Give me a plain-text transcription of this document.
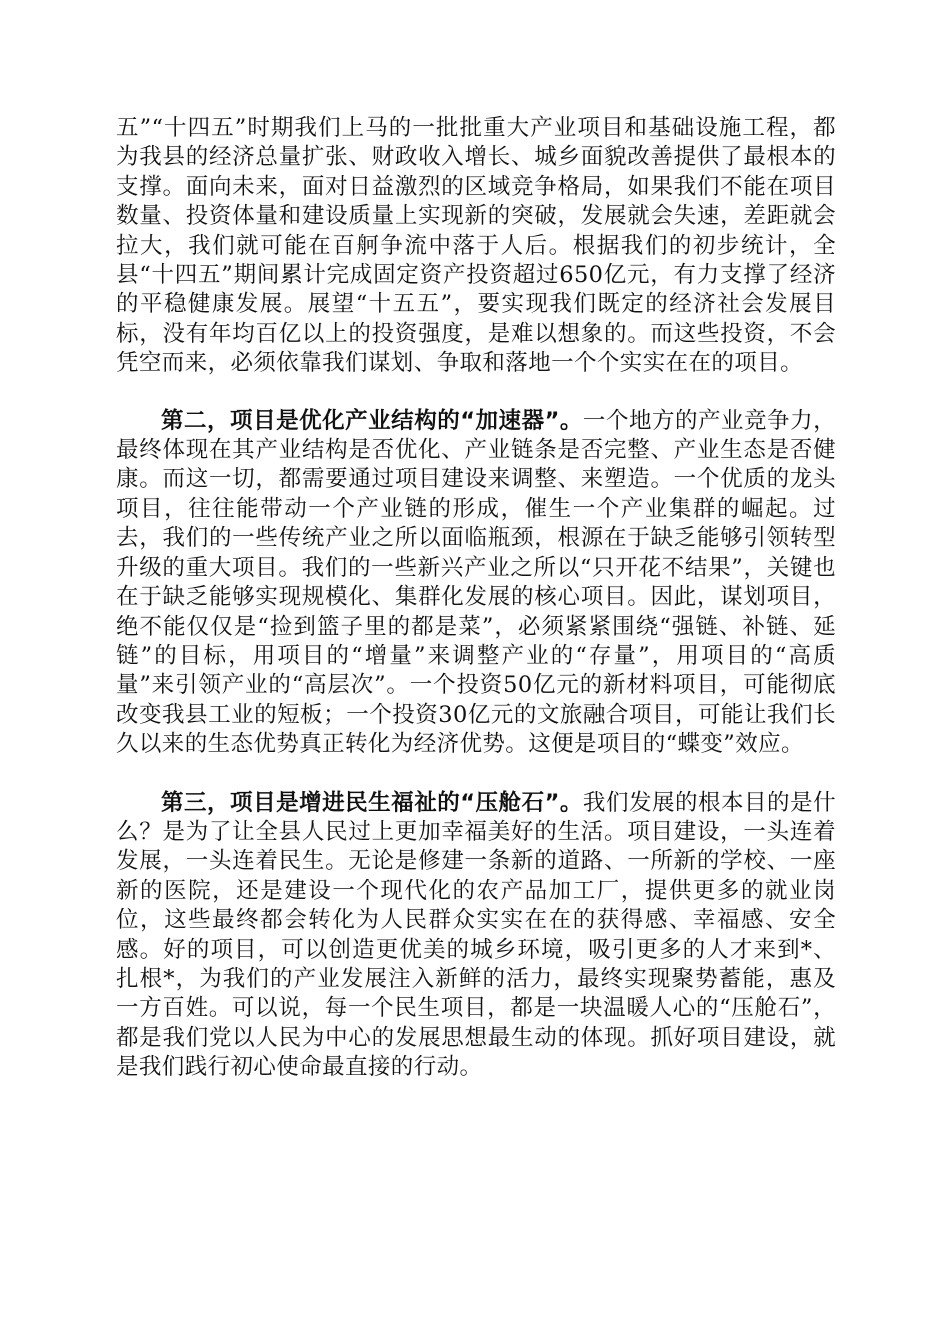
五”“十四五”时期我们上马的一批批重大产业项目和基础设施工程，都为我县的经济总量扩张、财政收入增长、城乡面貌改善提供了最根本的支撑。面向未来，面对日益激烈的区域竞争格局，如果我们不能在项目数量、投资体量和建设质量上实现新的突破，发展就会失速，差距就会拉大，我们就可能在百舸争流中落于人后。根据我们的初步统计，全县“十四五”期间累计完成固定资产投资超过650亿元，有力支撑了经济的平稳健康发展。展望“十五五”，要实现我们既定的经济社会发展目标，没有年均百亿以上的投资强度，是难以想象的。而这些投资，不会凭空而来，必须依靠我们谋划、争取和落地一个个实实在在的项目。

第二，项目是优化产业结构的“加速器”。一个地方的产业竞争力，最终体现在其产业结构是否优化、产业链条是否完整、产业生态是否健康。而这一切，都需要通过项目建设来调整、来塑造。一个优质的龙头项目，往往能带动一个产业链的形成，催生一个产业集群的崛起。过去，我们的一些传统产业之所以面临瓶颈，根源在于缺乏能够引领转型升级的重大项目。我们的一些新兴产业之所以“只开花不结果”，关键也在于缺乏能够实现规模化、集群化发展的核心项目。因此，谋划项目，绝不能仅仅是“捡到篮子里的都是菜”，必须紧紧围绕“强链、补链、延链”的目标，用项目的“增量”来调整产业的“存量”，用项目的“高质量”来引领产业的“高层次”。一个投资50亿元的新材料项目，可能彻底改变我县工业的短板；一个投资30亿元的文旅融合项目，可能让我们长久以来的生态优势真正转化为经济优势。这便是项目的“蝶变”效应。

第三，项目是增进民生福祉的“压舱石”。我们发展的根本目的是什么？是为了让全县人民过上更加幸福美好的生活。项目建设，一头连着发展，一头连着民生。无论是修建一条新的道路、一所新的学校、一座新的医院，还是建设一个现代化的农产品加工厂，提供更多的就业岗位，这些最终都会转化为人民群众实实在在的获得感、幸福感、安全感。好的项目，可以创造更优美的城乡环境，吸引更多的人才来到*、扎根*，为我们的产业发展注入新鲜的活力，最终实现聚势蓄能，惠及一方百姓。可以说，每一个民生项目，都是一块温暖人心的“压舱石”，都是我们党以人民为中心的发展思想最生动的体现。抓好项目建设，就是我们践行初心使命最直接的行动。
